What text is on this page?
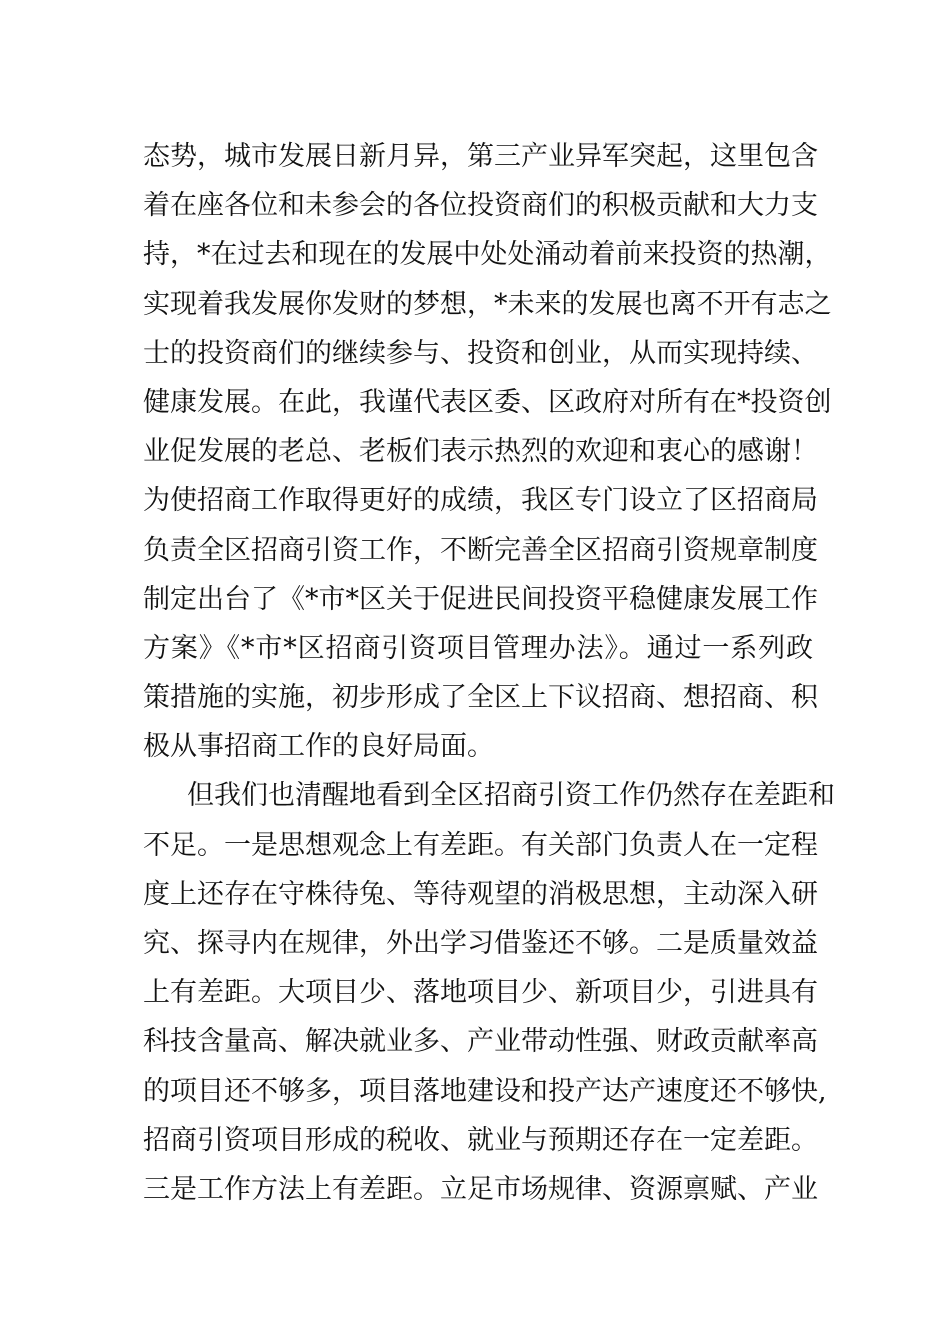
态势，城市发展日新月异，第三产业异军突起，这里包含
着在座各位和未参会的各位投资商们的积极贡献和大力支
持，*在过去和现在的发展中处处涌动着前来投资的热潮，
实现着我发展你发财的梦想，*未来的发展也离不开有志之
士的投资商们的继续参与、投资和创业，从而实现持续、
健康发展。在此，我谨代表区委、区政府对所有在*投资创
业促发展的老总、老板们表示热烈的欢迎和衷心的感谢！
为使招商工作取得更好的成绩，我区专门设立了区招商局
负责全区招商引资工作，不断完善全区招商引资规章制度
制定出台了《*市*区关于促进民间投资平稳健康发展工作
方案》《*市*区招商引资项目管理办法》。通过一系列政
策措施的实施，初步形成了全区上下议招商、想招商、积
极从事招商工作的良好局面。
但我们也清醒地看到全区招商引资工作仍然存在差距和
不足。一是思想观念上有差距。有关部门负责人在一定程
度上还存在守株待兔、等待观望的消极思想，主动深入研
究、探寻内在规律，外出学习借鉴还不够。二是质量效益
上有差距。大项目少、落地项目少、新项目少，引进具有
科技含量高、解决就业多、产业带动性强、财政贡献率高
的项目还不够多，项目落地建设和投产达产速度还不够快,
招商引资项目形成的税收、就业与预期还存在一定差距。
三是工作方法上有差距。立足市场规律、资源禀赋、产业
